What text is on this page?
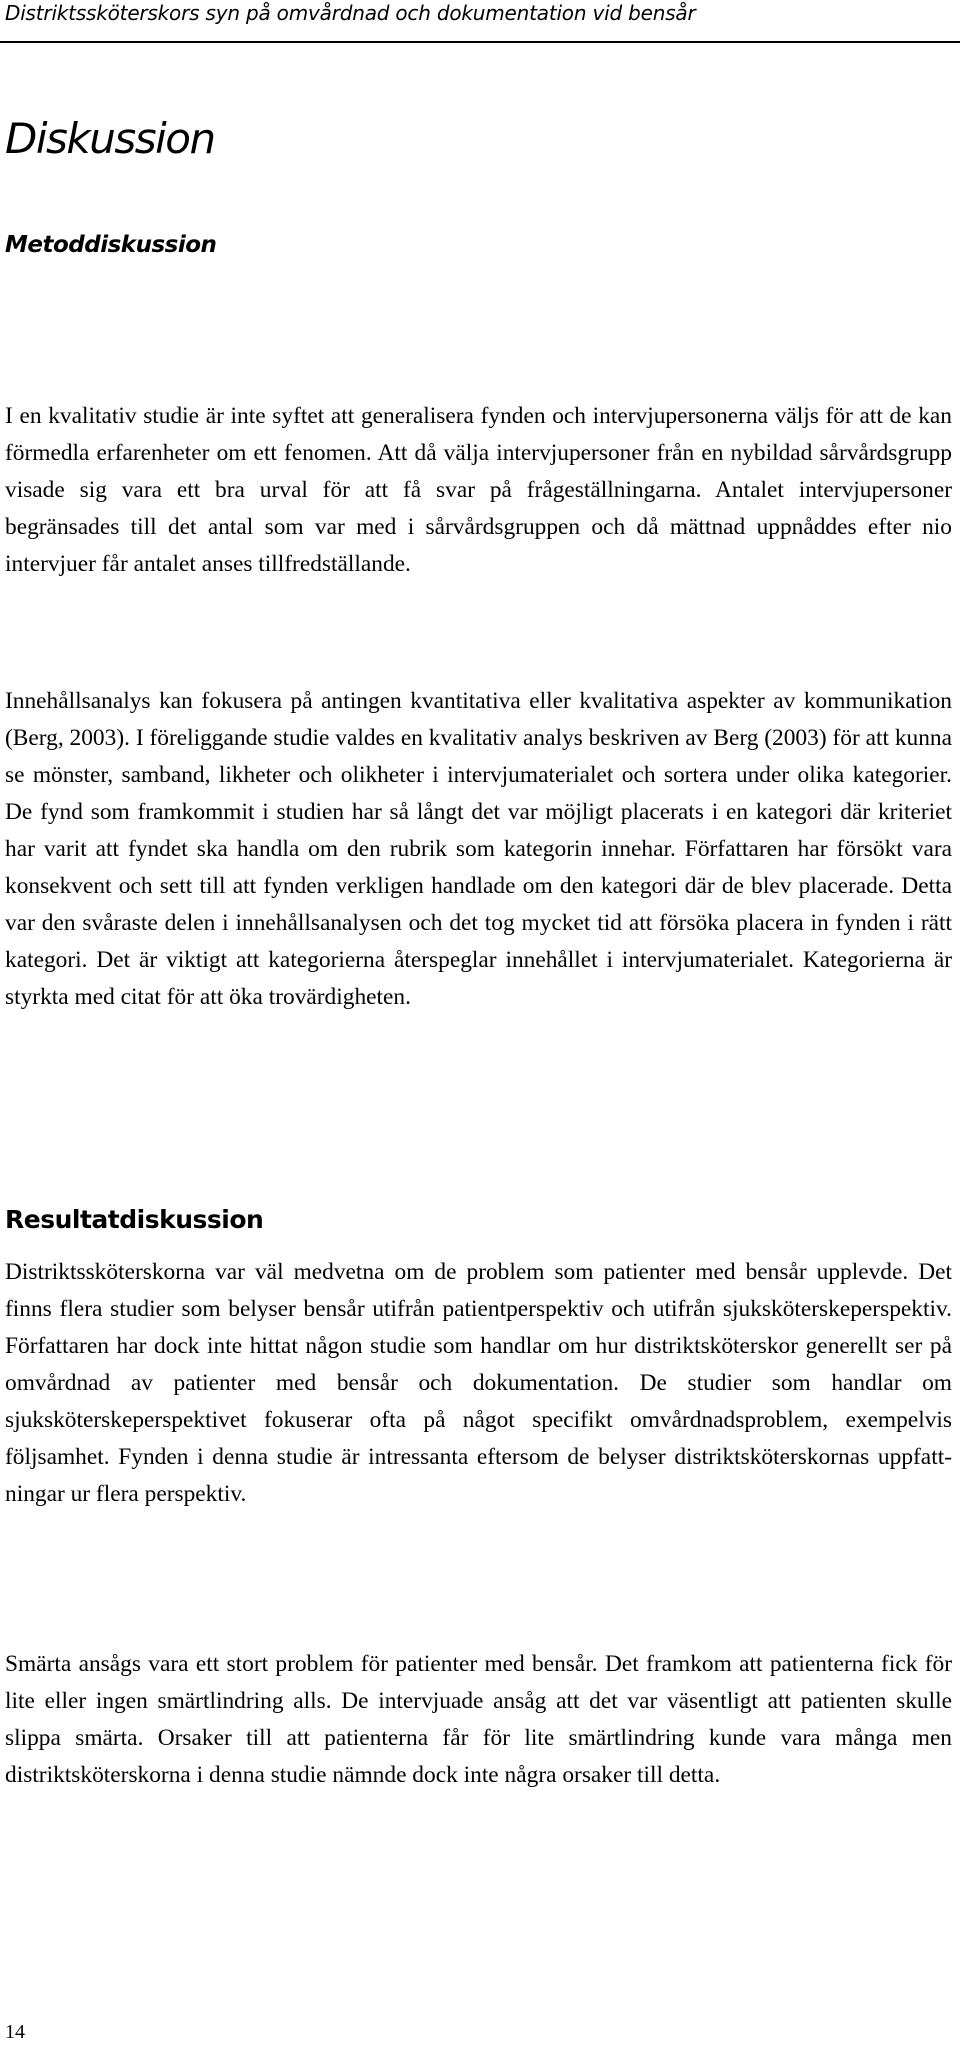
Distriktssköterskors syn på omvårdnad och dokumentation vid bensår
Diskussion
Metoddiskussion

I en kvalitativ studie är inte syftet att generalisera fynden och intervjupersonerna väljs för att de kan förmedla erfarenheter om ett fenomen. Att då välja intervjupersoner från en nybildad sårvårdsgrupp visade sig vara ett bra urval för att få svar på frågeställningarna. Antalet intervjupersoner begränsades till det antal som var med i sårvårdsgruppen och då mättnad uppnåddes efter nio intervjuer får antalet anses tillfredställande.

Innehållsanalys kan fokusera på antingen kvantitativa eller kvalitativa aspekter av kommunikation (Berg, 2003). I föreliggande studie valdes en kvalitativ analys beskriven av Berg (2003) för att kunna se mönster, samband, likheter och olikheter i intervjumaterialet och sortera under olika kategorier. De fynd som framkommit i studien har så långt det var möjligt placerats i en kategori där kriteriet har varit att fyndet ska handla om den rubrik som kategorin innehar. Författaren har försökt vara konsekvent och sett till att fynden verkligen handlade om den kategori där de blev placerade. Detta var den svåraste delen i innehållsanalysen och det tog mycket tid att försöka placera in fynden i rätt kategori. Det är viktigt att kategorierna återspeglar innehållet i intervjumaterialet. Kategorierna är styrkta med citat för att öka trovärdigheten.

Resultatdiskussion

Distriktssköterskorna var väl medvetna om de problem som patienter med bensår upplevde. Det finns flera studier som belyser bensår utifrån patientperspektiv och utifrån sjuksköterskeperspektiv. Författaren har dock inte hittat någon studie som handlar om hur distriktsköterskor generellt ser på omvårdnad av patienter med bensår och dokumentation. De studier som handlar om sjuksköterskeperspektivet fokuserar ofta på något specifikt omvårdnadsproblem, exempelvis följsamhet. Fynden i denna studie är intressanta eftersom de belyser distriktsköterskornas uppfattningar ur flera perspektiv.

Smärta ansågs vara ett stort problem för patienter med bensår. Det framkom att patienterna fick för lite eller ingen smärtlindring alls. De intervjuade ansåg att det var väsentligt att patienten skulle slippa smärta. Orsaker till att patienterna får för lite smärtlindring kunde vara många men distriktsköterskorna i denna studie nämnde dock inte några orsaker till detta.

14
